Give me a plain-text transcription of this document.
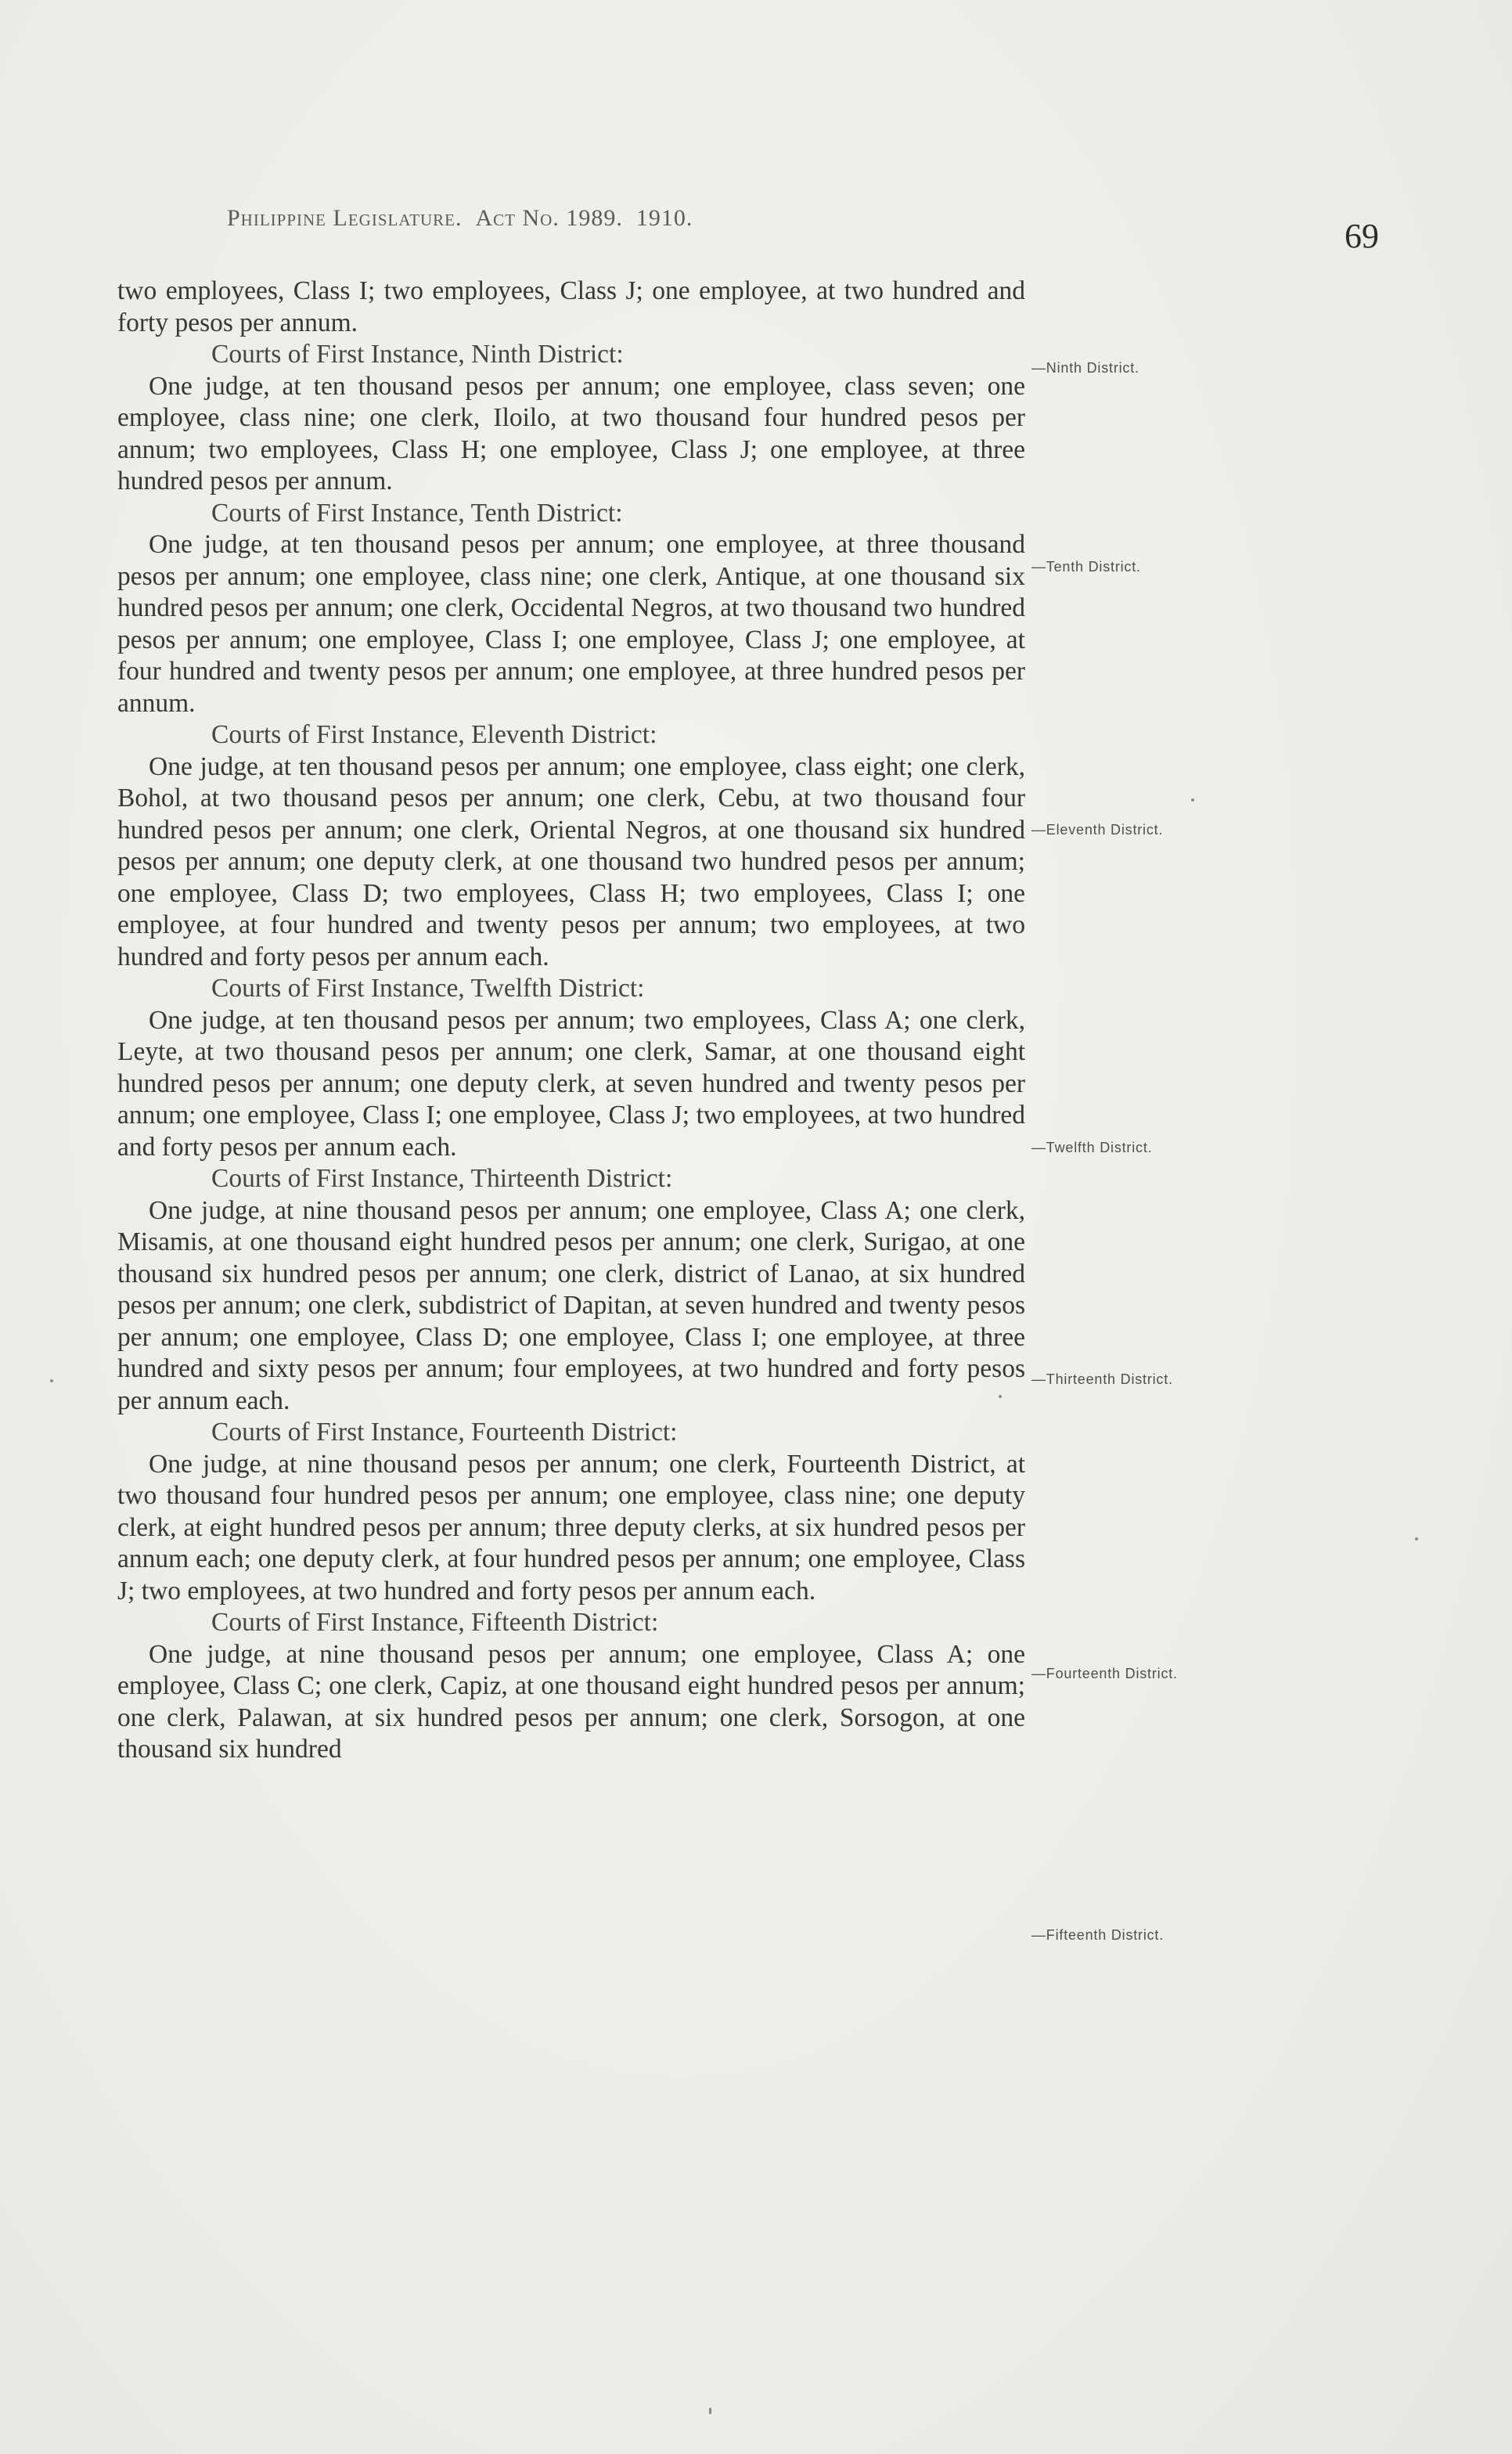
Philippine Legislature. Act No. 1989. 1910.	69

two employees, Class I; two employees, Class J; one employee, at two hundred and forty pesos per annum.

Courts of First Instance, Ninth District:

One judge, at ten thousand pesos per annum; one employee, class seven; one employee, class nine; one clerk, Iloilo, at two thousand four hundred pesos per annum; two employees, Class H; one employee, Class J; one employee, at three hundred pesos per annum.

Courts of First Instance, Tenth District:

One judge, at ten thousand pesos per annum; one employee, at three thousand pesos per annum; one employee, class nine; one clerk, Antique, at one thousand six hundred pesos per annum; one clerk, Occidental Negros, at two thousand two hundred pesos per annum; one employee, Class I; one employee, Class J; one employee, at four hundred and twenty pesos per annum; one employee, at three hundred pesos per annum.

Courts of First Instance, Eleventh District:

One judge, at ten thousand pesos per annum; one employee, class eight; one clerk, Bohol, at two thousand pesos per annum; one clerk, Cebu, at two thousand four hundred pesos per annum; one clerk, Oriental Negros, at one thousand six hundred pesos per annum; one deputy clerk, at one thousand two hundred pesos per annum; one employee, Class D; two employees, Class H; two employees, Class I; one employee, at four hundred and twenty pesos per annum; two employees, at two hundred and forty pesos per annum each.

Courts of First Instance, Twelfth District:

One judge, at ten thousand pesos per annum; two employees, Class A; one clerk, Leyte, at two thousand pesos per annum; one clerk, Samar, at one thousand eight hundred pesos per annum; one deputy clerk, at seven hundred and twenty pesos per annum; one employee, Class I; one employee, Class J; two employees, at two hundred and forty pesos per annum each.

Courts of First Instance, Thirteenth District:

One judge, at nine thousand pesos per annum; one employee, Class A; one clerk, Misamis, at one thousand eight hundred pesos per annum; one clerk, Surigao, at one thousand six hundred pesos per annum; one clerk, district of Lanao, at six hundred pesos per annum; one clerk, subdistrict of Dapitan, at seven hundred and twenty pesos per annum; one employee, Class D; one employee, Class I; one employee, at three hundred and sixty pesos per annum; four employees, at two hundred and forty pesos per annum each.

Courts of First Instance, Fourteenth District:

One judge, at nine thousand pesos per annum; one clerk, Fourteenth District, at two thousand four hundred pesos per annum; one employee, class nine; one deputy clerk, at eight hundred pesos per annum; three deputy clerks, at six hundred pesos per annum each; one deputy clerk, at four hundred pesos per annum; one employee, Class J; two employees, at two hundred and forty pesos per annum each.

Courts of First Instance, Fifteenth District:

One judge, at nine thousand pesos per annum; one employee, Class A; one employee, Class C; one clerk, Capiz, at one thousand eight hundred pesos per annum; one clerk, Palawan, at six hundred pesos per annum; one clerk, Sorsogon, at one thousand six hundred

—Ninth District.
—Tenth District.
—Eleventh District.
—Twelfth District.
—Thirteenth District.
—Fourteenth District.
—Fifteenth District.
